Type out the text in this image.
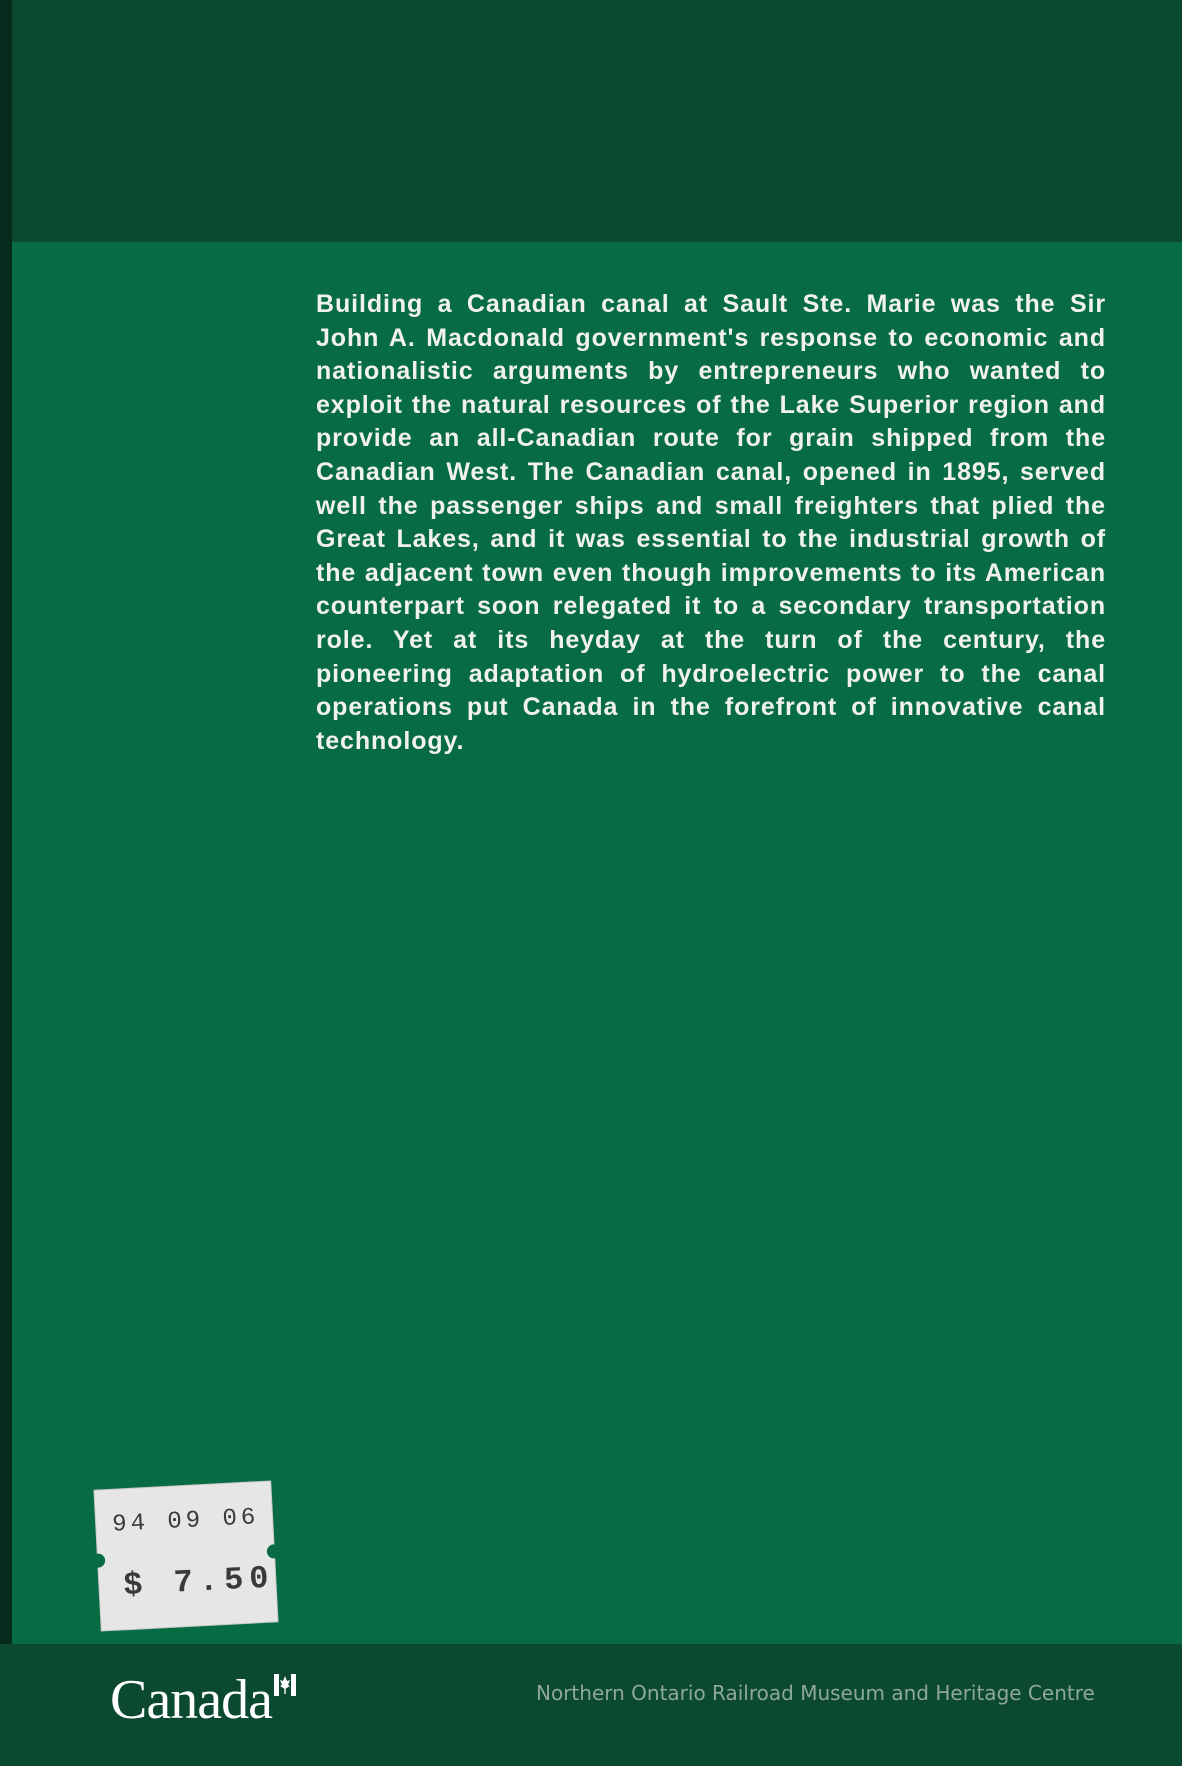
Building a Canadian canal at Sault Ste. Marie was the Sir John A. Macdonald government's response to economic and nationalistic arguments by entrepreneurs who wanted to exploit the natural resources of the Lake Superior region and provide an all-Canadian route for grain shipped from the Canadian West. The Canadian canal, opened in 1895, served well the passenger ships and small freighters that plied the Great Lakes, and it was essential to the industrial growth of the adjacent town even though improvements to its American counterpart soon relegated it to a secondary transportation role. Yet at its heyday at the turn of the century, the pioneering adaptation of hydroelectric power to the canal operations put Canada in the forefront of innovative canal technology.

94 09 06
$ 7.50
Canada	Northern Ontario Railroad Museum and Heritage Centre
